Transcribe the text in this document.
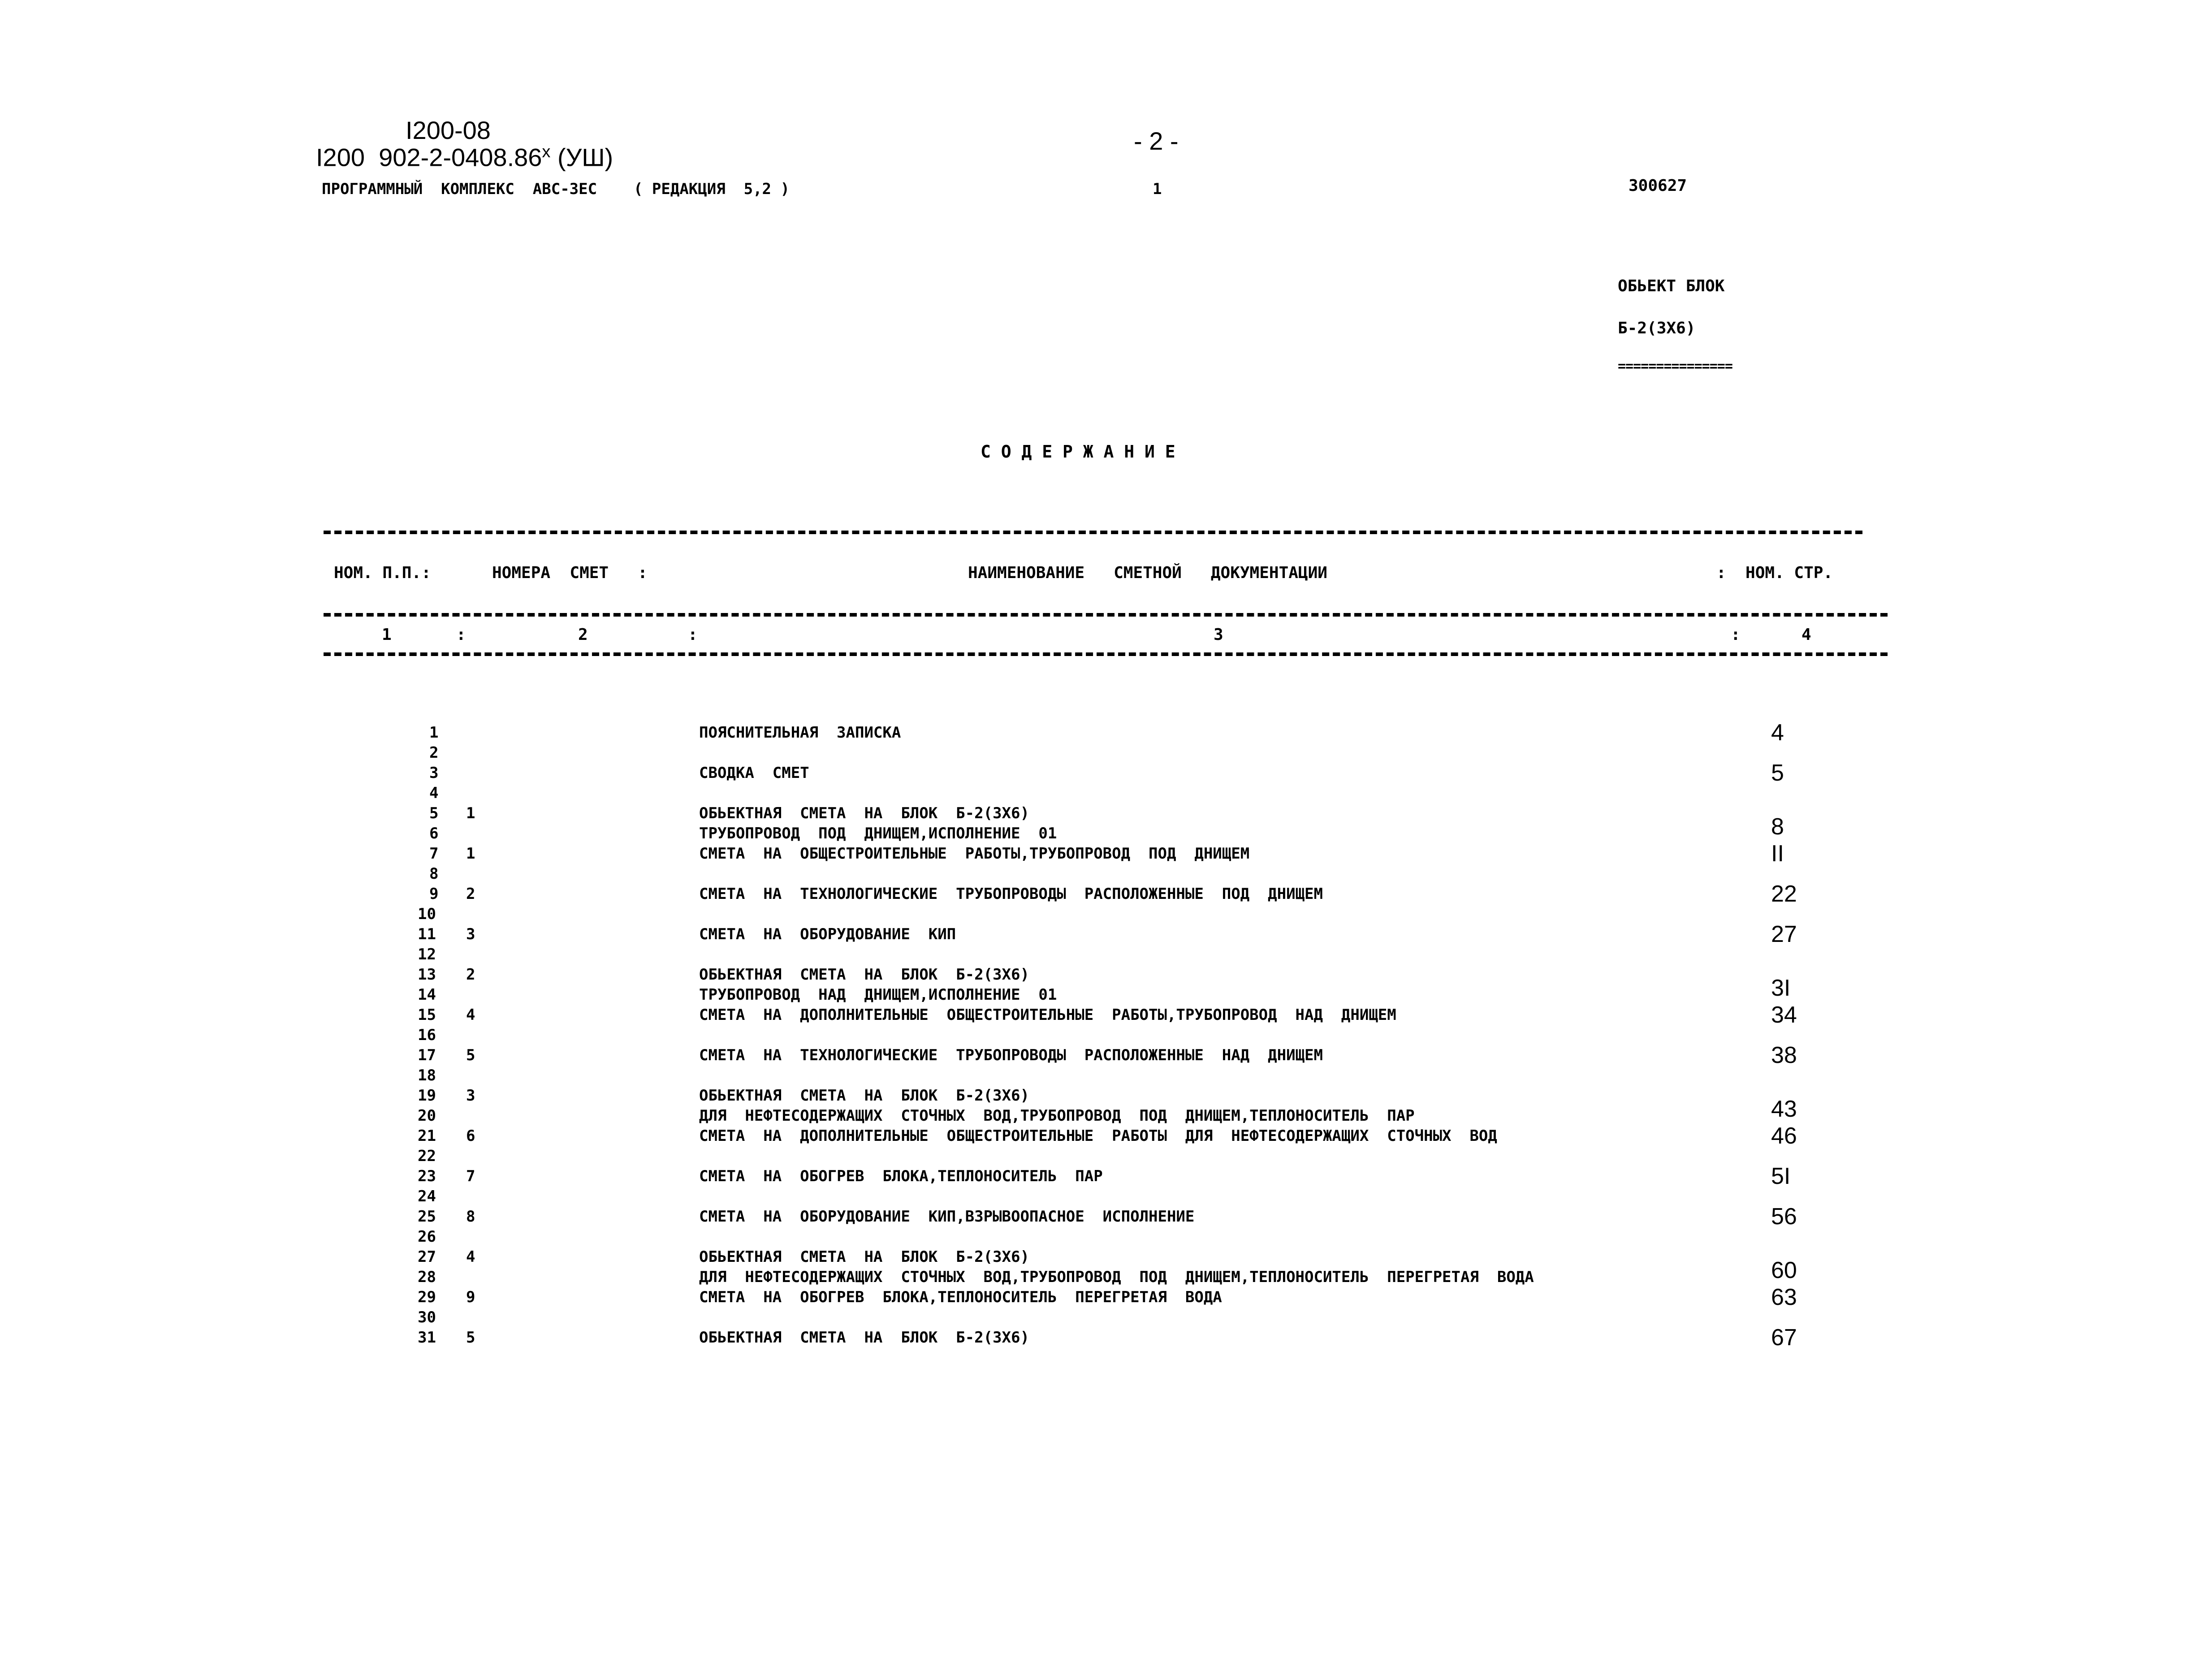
I200-08
I200  902-2-0408.86$^x$ (УШ)
- 2 -
ПРОГРАММНЫЙ  КОМПЛЕКС  АВС-3ЕС    ( РЕДАКЦИЯ  5,2 )	1	300627
ОБЬЕКТ БЛОК
Б-2(3Х6)
===============
С О Д Е Р Ж А Н И Е
НОМ. П.П.:	НОМЕРА  СМЕТ   :	НАИМЕНОВАНИЕ   СМЕТНОЙ   ДОКУМЕНТАЦИИ	:  НОМ. СТР.
1	:	2	:	3	:	4
1	ПОЯСНИТЕЛЬНАЯ  ЗАПИСКА	4
2
3	СВОДКА  СМЕТ	5
4
5 1	ОБЬЕКТНАЯ  СМЕТА  НА  БЛОК  Б-2(3Х6)
ТРУБОПРОВОД  ПОД  ДНИЩЕМ,ИСПОЛНЕНИЕ  01	8
6
7 1	СМЕТА  НА  ОБЩЕСТРОИТЕЛЬНЫЕ  РАБОТЫ,ТРУБОПРОВОД  ПОД  ДНИЩЕМ	II
8
9 2	СМЕТА  НА  ТЕХНОЛОГИЧЕСКИЕ  ТРУБОПРОВОДЫ  РАСПОЛОЖЕННЫЕ  ПОД  ДНИЩЕМ	22
10
11 3	СМЕТА  НА  ОБОРУДОВАНИЕ  КИП	27
12
13 2	ОБЬЕКТНАЯ  СМЕТА  НА  БЛОК  Б-2(3Х6)
ТРУБОПРОВОД  НАД  ДНИЩЕМ,ИСПОЛНЕНИЕ  01	3I
14
15 4	СМЕТА  НА  ДОПОЛНИТЕЛЬНЫЕ  ОБЩЕСТРОИТЕЛЬНЫЕ  РАБОТЫ,ТРУБОПРОВОД  НАД  ДНИЩЕМ	34
16
17 5	СМЕТА  НА  ТЕХНОЛОГИЧЕСКИЕ  ТРУБОПРОВОДЫ  РАСПОЛОЖЕННЫЕ  НАД  ДНИЩЕМ	38
18
19 3	ОБЬЕКТНАЯ  СМЕТА  НА  БЛОК  Б-2(3Х6)
ДЛЯ  НЕФТЕСОДЕРЖАЩИХ  СТОЧНЫХ  ВОД,ТРУБОПРОВОД  ПОД  ДНИЩЕМ,ТЕПЛОНОСИТЕЛЬ  ПАР	43
20
21 6	СМЕТА  НА  ДОПОЛНИТЕЛЬНЫЕ  ОБЩЕСТРОИТЕЛЬНЫЕ  РАБОТЫ  ДЛЯ  НЕФТЕСОДЕРЖАЩИХ  СТОЧНЫХ  ВОД	46
22
23 7	СМЕТА  НА  ОБОГРЕВ  БЛОКА,ТЕПЛОНОСИТЕЛЬ  ПАР	5I
24
25 8	СМЕТА  НА  ОБОРУДОВАНИЕ  КИП,ВЗРЫВООПАСНОЕ  ИСПОЛНЕНИЕ	56
26
27 4	ОБЬЕКТНАЯ  СМЕТА  НА  БЛОК  Б-2(3Х6)
ДЛЯ  НЕФТЕСОДЕРЖАЩИХ  СТОЧНЫХ  ВОД,ТРУБОПРОВОД  ПОД  ДНИЩЕМ,ТЕПЛОНОСИТЕЛЬ  ПЕРЕГРЕТАЯ  ВОДА	60
28
29 9	СМЕТА  НА  ОБОГРЕВ  БЛОКА,ТЕПЛОНОСИТЕЛЬ  ПЕРЕГРЕТАЯ  ВОДА	63
30
31 5	ОБЬЕКТНАЯ  СМЕТА  НА  БЛОК  Б-2(3Х6)	67
